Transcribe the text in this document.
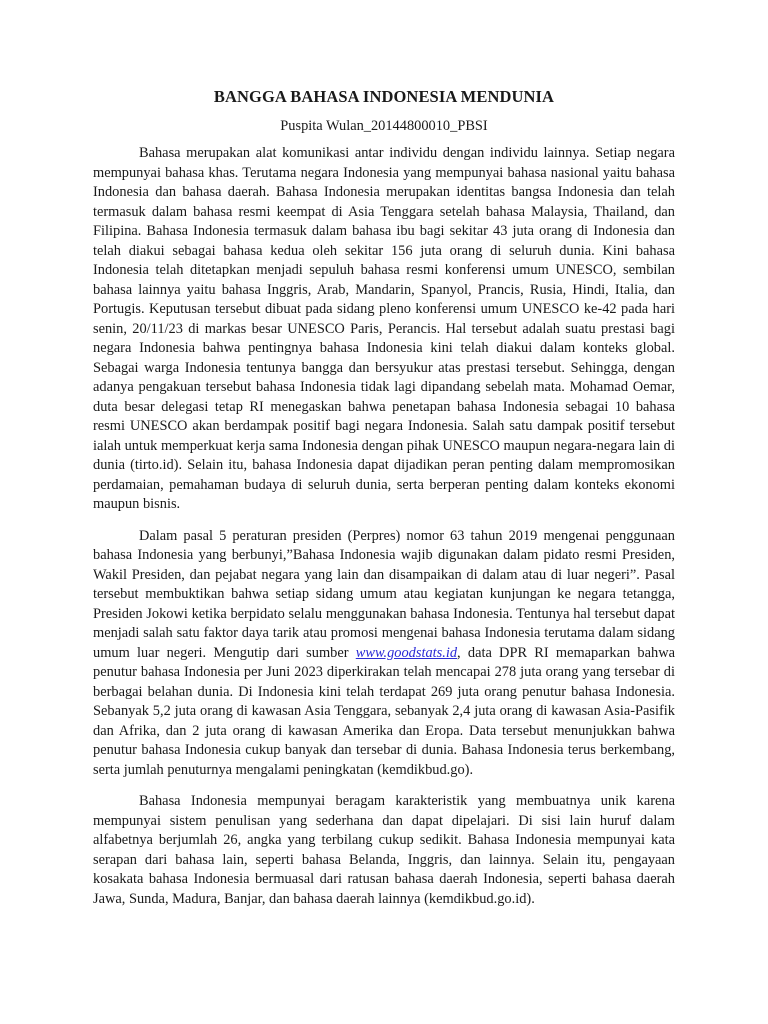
BANGGA BAHASA INDONESIA MENDUNIA
Puspita Wulan_20144800010_PBSI

Bahasa merupakan alat komunikasi antar individu dengan individu lainnya. Setiap negara mempunyai bahasa khas. Terutama negara Indonesia yang mempunyai bahasa nasional yaitu bahasa Indonesia dan bahasa daerah. Bahasa Indonesia merupakan identitas bangsa Indonesia dan telah termasuk dalam bahasa resmi keempat di Asia Tenggara setelah bahasa Malaysia, Thailand, dan Filipina. Bahasa Indonesia termasuk dalam bahasa ibu bagi sekitar 43 juta orang di Indonesia dan telah diakui sebagai bahasa kedua oleh sekitar 156 juta orang di seluruh dunia. Kini bahasa Indonesia telah ditetapkan menjadi sepuluh bahasa resmi konferensi umum UNESCO, sembilan bahasa lainnya yaitu bahasa Inggris, Arab, Mandarin, Spanyol, Prancis, Rusia, Hindi, Italia, dan Portugis. Keputusan tersebut dibuat pada sidang pleno konferensi umum UNESCO ke-42 pada hari senin, 20/11/23 di markas besar UNESCO Paris, Perancis. Hal tersebut adalah suatu prestasi bagi negara Indonesia bahwa pentingnya bahasa Indonesia kini telah diakui dalam konteks global. Sebagai warga Indonesia tentunya bangga dan bersyukur atas prestasi tersebut. Sehingga, dengan adanya pengakuan tersebut bahasa Indonesia tidak lagi dipandang sebelah mata. Mohamad Oemar, duta besar delegasi tetap RI menegaskan bahwa penetapan bahasa Indonesia sebagai 10 bahasa resmi UNESCO akan berdampak positif bagi negara Indonesia. Salah satu dampak positif tersebut ialah untuk memperkuat kerja sama Indonesia dengan pihak UNESCO maupun negara-negara lain di dunia (tirto.id). Selain itu, bahasa Indonesia dapat dijadikan peran penting dalam mempromosikan perdamaian, pemahaman budaya di seluruh dunia, serta berperan penting dalam konteks ekonomi maupun bisnis.

Dalam pasal 5 peraturan presiden (Perpres) nomor 63 tahun 2019 mengenai penggunaan bahasa Indonesia yang berbunyi,”Bahasa Indonesia wajib digunakan dalam pidato resmi Presiden, Wakil Presiden, dan pejabat negara yang lain dan disampaikan di dalam atau di luar negeri”. Pasal tersebut membuktikan bahwa setiap sidang umum atau kegiatan kunjungan ke negara tetangga, Presiden Jokowi ketika berpidato selalu menggunakan bahasa Indonesia. Tentunya hal tersebut dapat menjadi salah satu faktor daya tarik atau promosi mengenai bahasa Indonesia terutama dalam sidang umum luar negeri. Mengutip dari sumber www.goodstats.id, data DPR RI memaparkan bahwa penutur bahasa Indonesia per Juni 2023 diperkirakan telah mencapai 278 juta orang yang tersebar di berbagai belahan dunia. Di Indonesia kini telah terdapat 269 juta orang penutur bahasa Indonesia. Sebanyak 5,2 juta orang di kawasan Asia Tenggara, sebanyak 2,4 juta orang di kawasan Asia-Pasifik dan Afrika, dan 2 juta orang di kawasan Amerika dan Eropa. Data tersebut menunjukkan bahwa penutur bahasa Indonesia cukup banyak dan tersebar di dunia. Bahasa Indonesia terus berkembang, serta jumlah penuturnya mengalami peningkatan (kemdikbud.go).

Bahasa Indonesia mempunyai beragam karakteristik yang membuatnya unik karena mempunyai sistem penulisan yang sederhana dan dapat dipelajari. Di sisi lain huruf dalam alfabetnya berjumlah 26, angka yang terbilang cukup sedikit. Bahasa Indonesia mempunyai kata serapan dari bahasa lain, seperti bahasa Belanda, Inggris, dan lainnya. Selain itu, pengayaan kosakata bahasa Indonesia bermuasal dari ratusan bahasa daerah Indonesia, seperti bahasa daerah Jawa, Sunda, Madura, Banjar, dan bahasa daerah lainnya (kemdikbud.go.id).
